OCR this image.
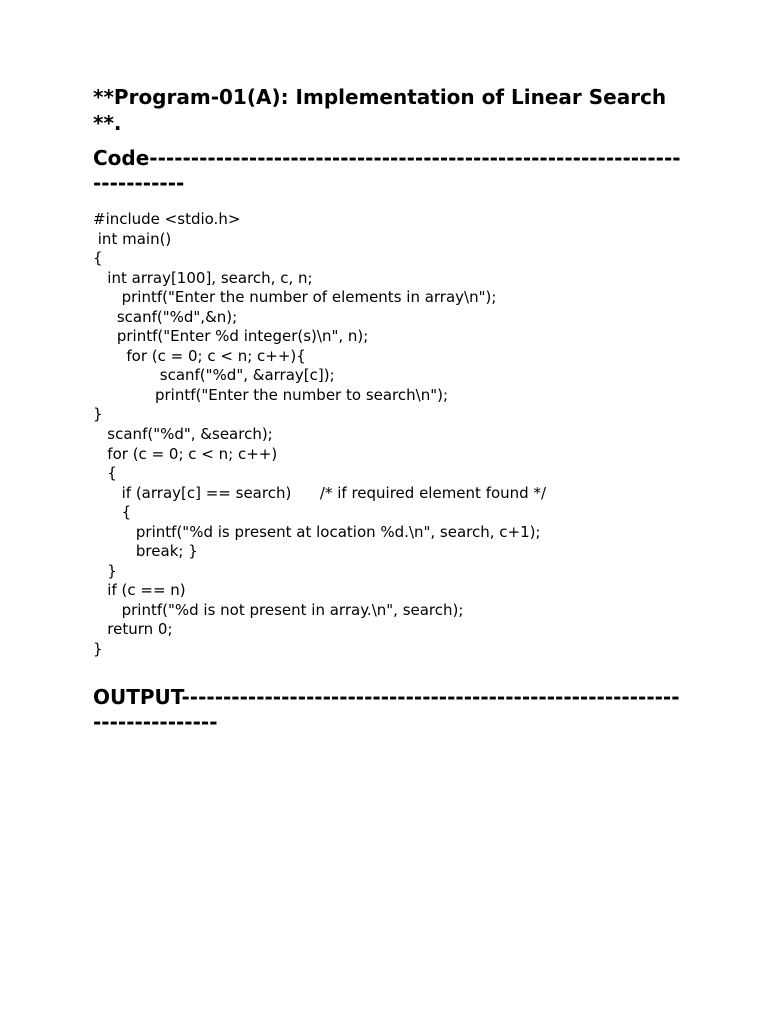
**Program-01(A): Implementation of Linear Search **.
Code---------------------------------------------------------------------------
#include <stdio.h>
int main()
{
int array[100], search, c, n;
printf("Enter the number of elements in array\n");
scanf("%d",&n);
printf("Enter %d integer(s)\n", n);
for (c = 0; c < n; c++){
scanf("%d", &array[c]);
printf("Enter the number to search\n");
}
scanf("%d", &search);
for (c = 0; c < n; c++)
{
if (array[c] == search)      /* if required element found */
{
printf("%d is present at location %d.\n", search, c+1);
break; }
}
if (c == n)
printf("%d is not present in array.\n", search);
return 0;
}
OUTPUT---------------------------------------------------------------------------
